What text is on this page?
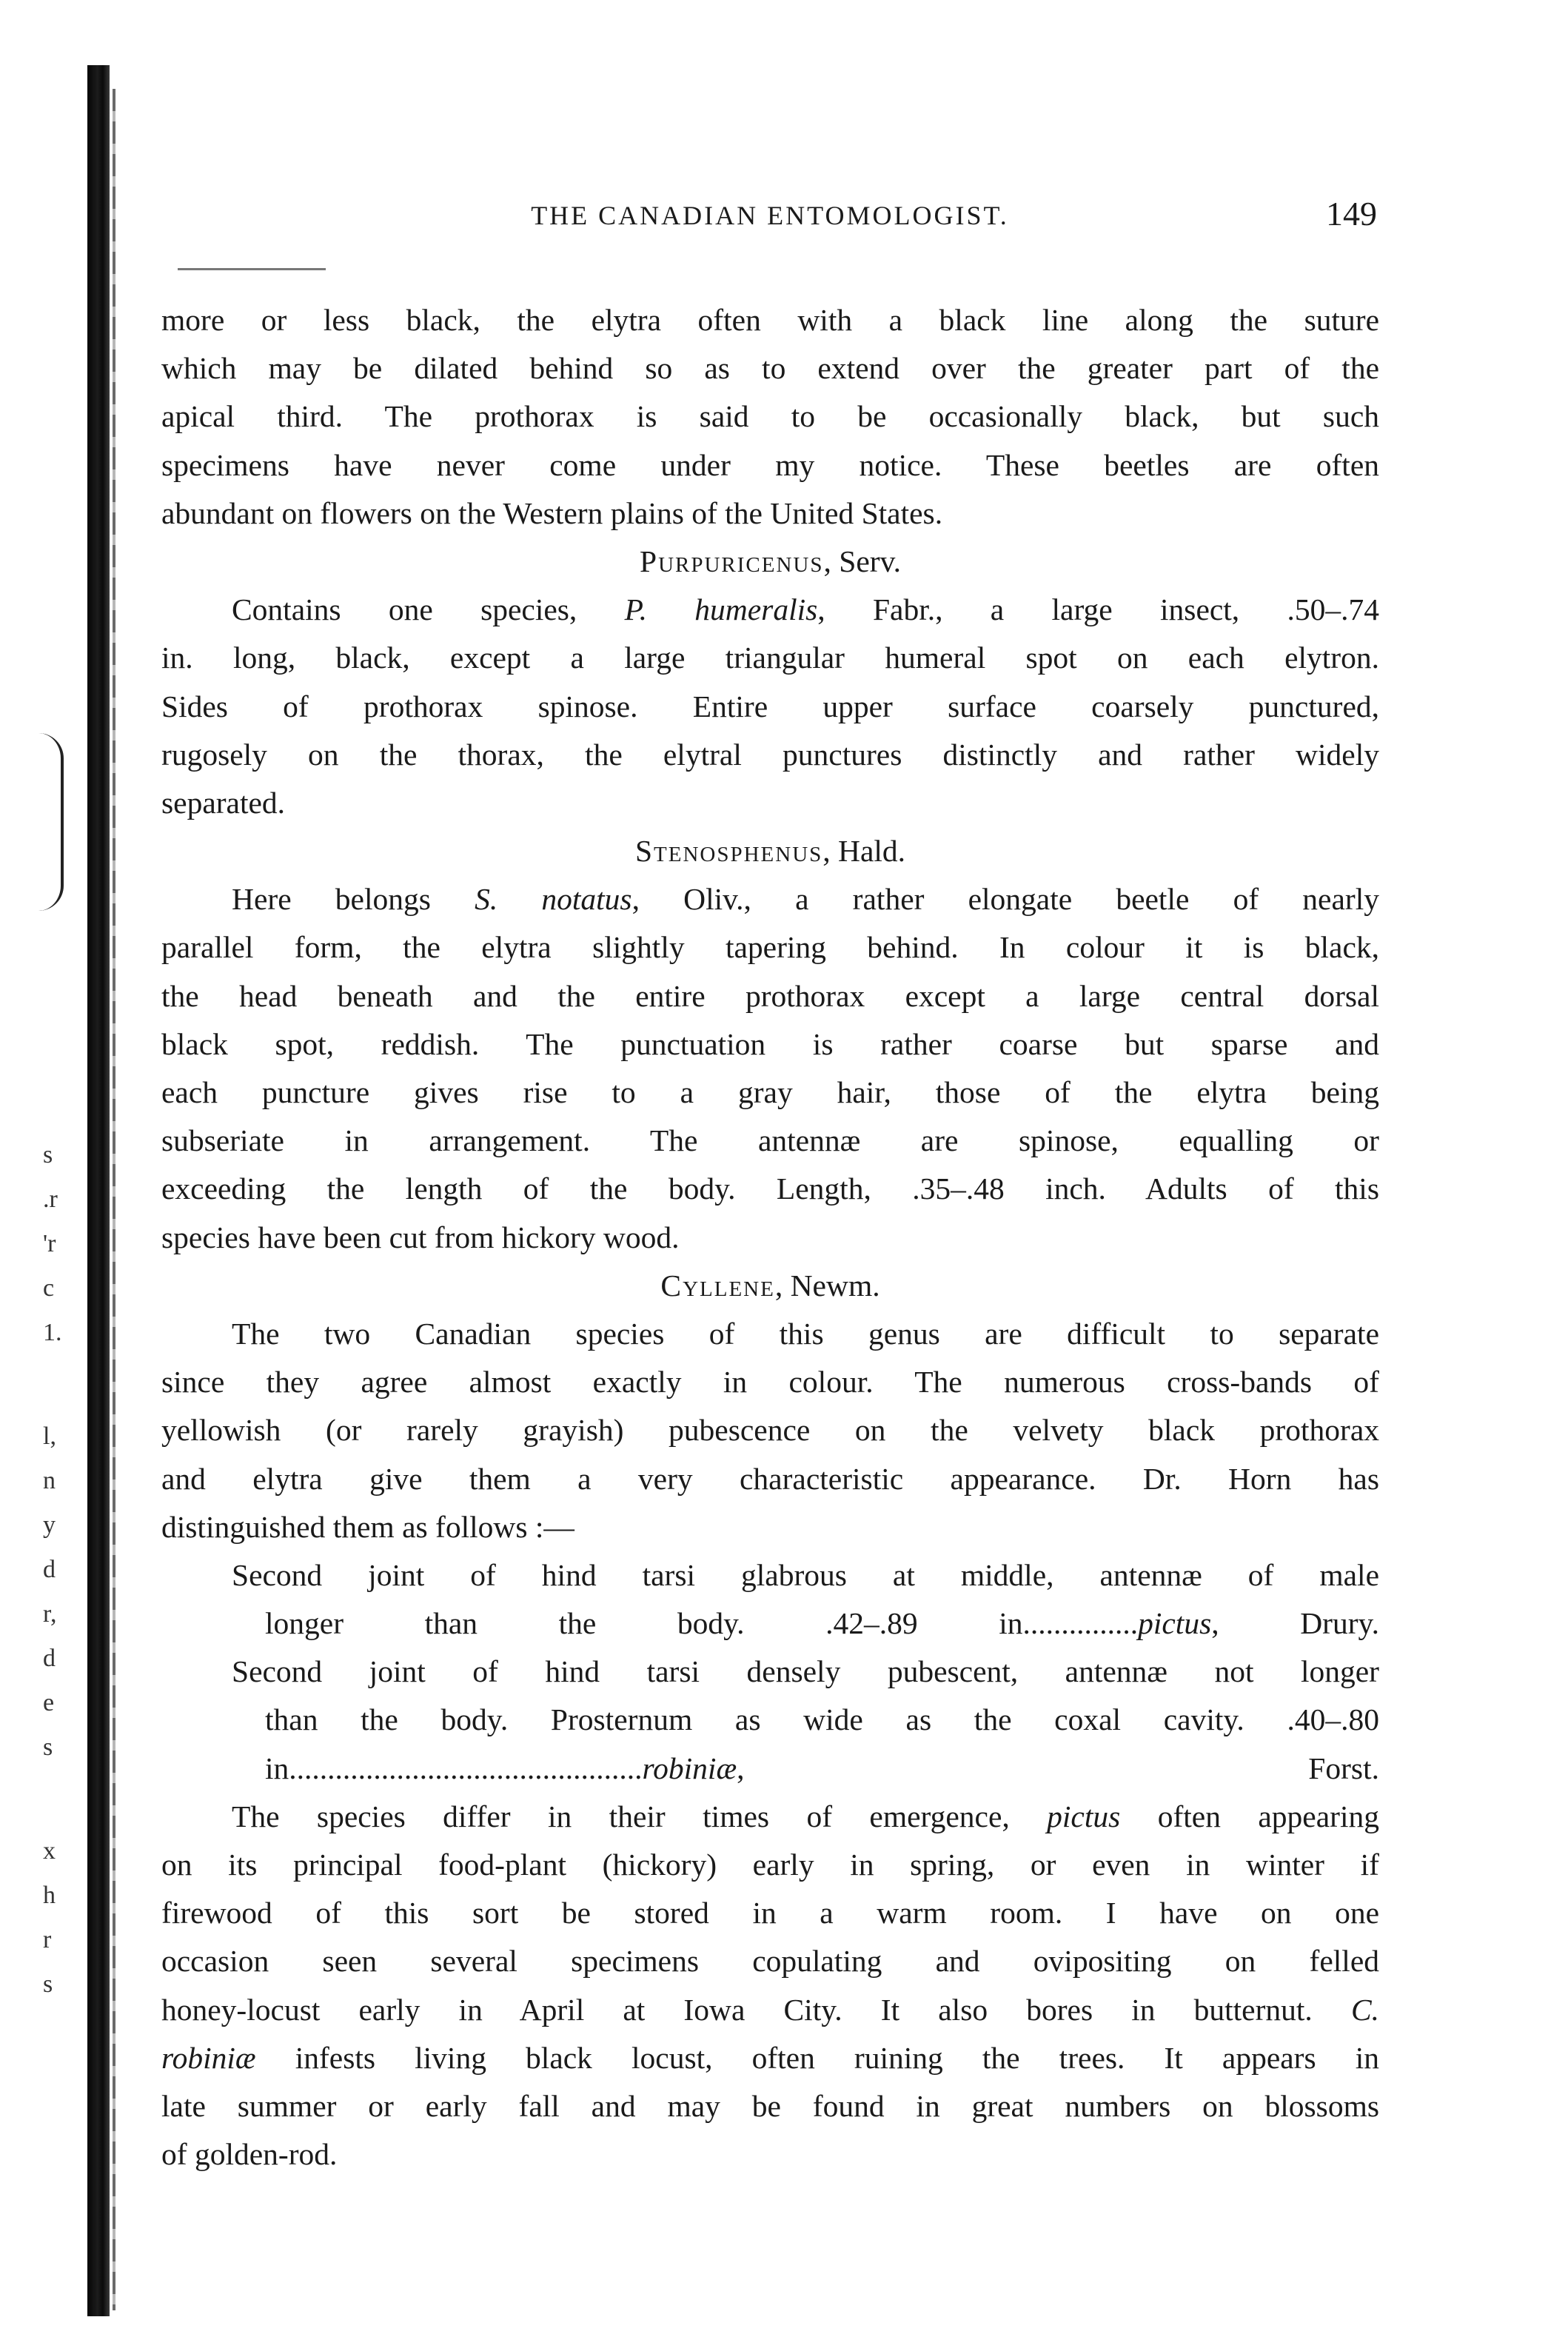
s
.r
'r
c
1.
l,
n
y
d
r,
d
e
s
x
h
r
s
THE CANADIAN ENTOMOLOGIST.	149
more or less black, the elytra often with a black line along the suture
which may be dilated behind so as to extend over the greater part of the
apical third. The prothorax is said to be occasionally black, but such
specimens have never come under my notice. These beetles are often
abundant on flowers on the Western plains of the United States.
Purpuricenus, Serv.
Contains one species, P. humeralis, Fabr., a large insect, .50–.74
in. long, black, except a large triangular humeral spot on each elytron.
Sides of prothorax spinose. Entire upper surface coarsely punctured,
rugosely on the thorax, the elytral punctures distinctly and rather widely
separated.
Stenosphenus, Hald.
Here belongs S. notatus, Oliv., a rather elongate beetle of nearly
parallel form, the elytra slightly tapering behind. In colour it is black,
the head beneath and the entire prothorax except a large central dorsal
black spot, reddish. The punctuation is rather coarse but sparse and
each puncture gives rise to a gray hair, those of the elytra being
subseriate in arrangement. The antennæ are spinose, equalling or
exceeding the length of the body. Length, .35–.48 inch. Adults of this
species have been cut from hickory wood.
Cyllene, Newm.
The two Canadian species of this genus are difficult to separate
since they agree almost exactly in colour. The numerous cross-bands of
yellowish (or rarely grayish) pubescence on the velvety black prothorax
and elytra give them a very characteristic appearance. Dr. Horn has
distinguished them as follows :—
Second joint of hind tarsi glabrous at middle, antennæ of male
longer than the body. .42–.89 in...............pictus, Drury.
Second joint of hind tarsi densely pubescent, antennæ not longer
than the body. Prosternum as wide as the coxal cavity. .40–.80
in..............................................robiniæ, Forst.
The species differ in their times of emergence, pictus often appearing
on its principal food-plant (hickory) early in spring, or even in winter if
firewood of this sort be stored in a warm room. I have on one
occasion seen several specimens copulating and ovipositing on felled
honey-locust early in April at Iowa City. It also bores in butternut. C.
robiniæ infests living black locust, often ruining the trees. It appears in
late summer or early fall and may be found in great numbers on blossoms
of golden-rod.
